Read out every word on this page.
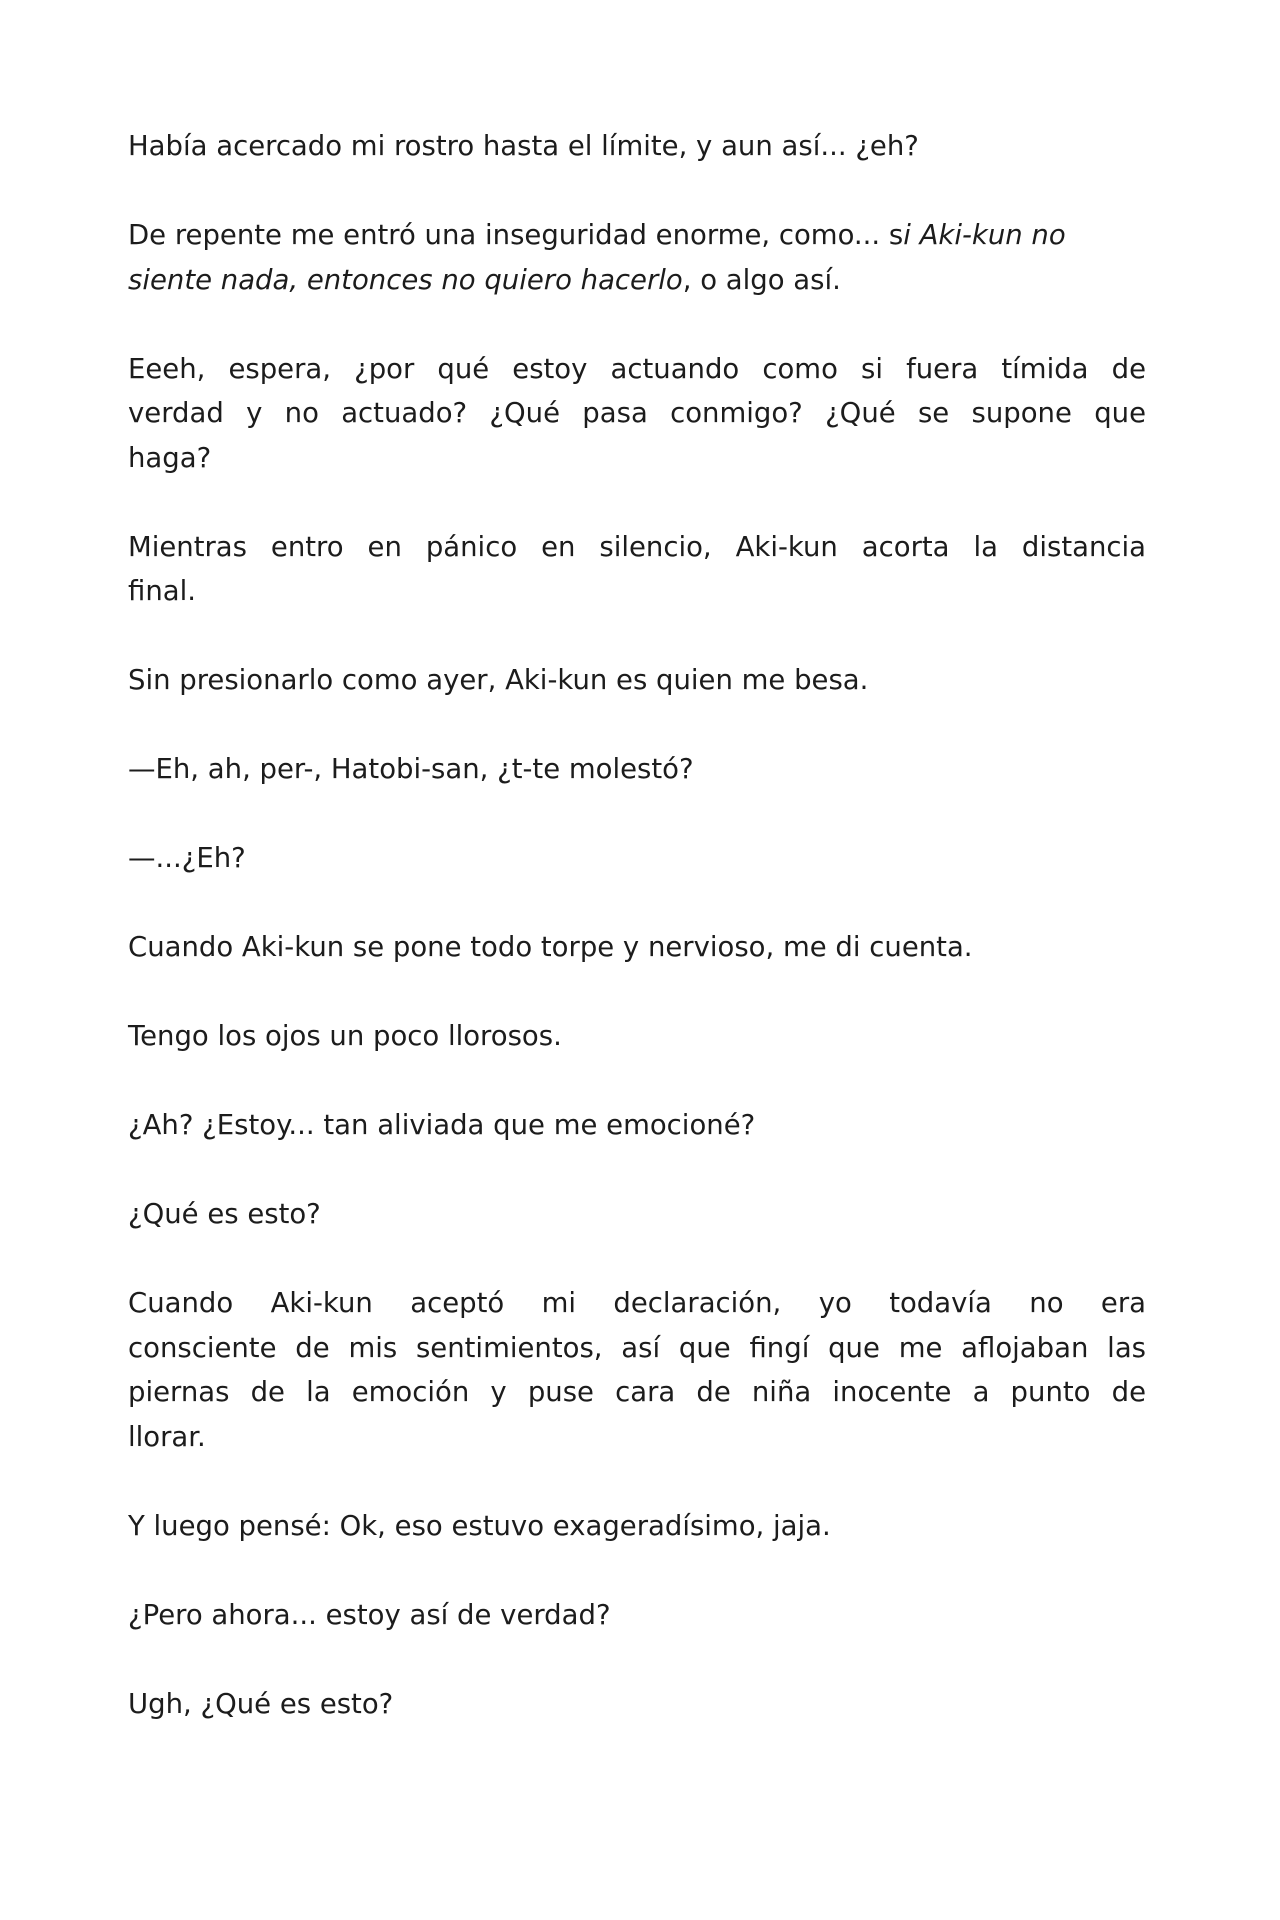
Había acercado mi rostro hasta el límite, y aun así... ¿eh?

De repente me entró una inseguridad enorme, como... si Aki-kun no
siente nada, entonces no quiero hacerlo, o algo así.

Eeeh, espera, ¿por qué estoy actuando como si fuera tímida de
verdad y no actuado? ¿Qué pasa conmigo? ¿Qué se supone que
haga?
Mientras entro en pánico en silencio, Aki-kun acorta la distancia
final.
Sin presionarlo como ayer, Aki-kun es quien me besa.
—Eh, ah, per-, Hatobi-san, ¿t-te molestó?
—...¿Eh?
Cuando Aki-kun se pone todo torpe y nervioso, me di cuenta.
Tengo los ojos un poco llorosos.
¿Ah? ¿Estoy... tan aliviada que me emocioné?
¿Qué es esto?
Cuando Aki-kun aceptó mi declaración, yo todavía no era
consciente de mis sentimientos, así que fingí que me aflojaban las
piernas de la emoción y puse cara de niña inocente a punto de
llorar.
Y luego pensé: Ok, eso estuvo exageradísimo, jaja.
¿Pero ahora... estoy así de verdad?
Ugh, ¿Qué es esto?
